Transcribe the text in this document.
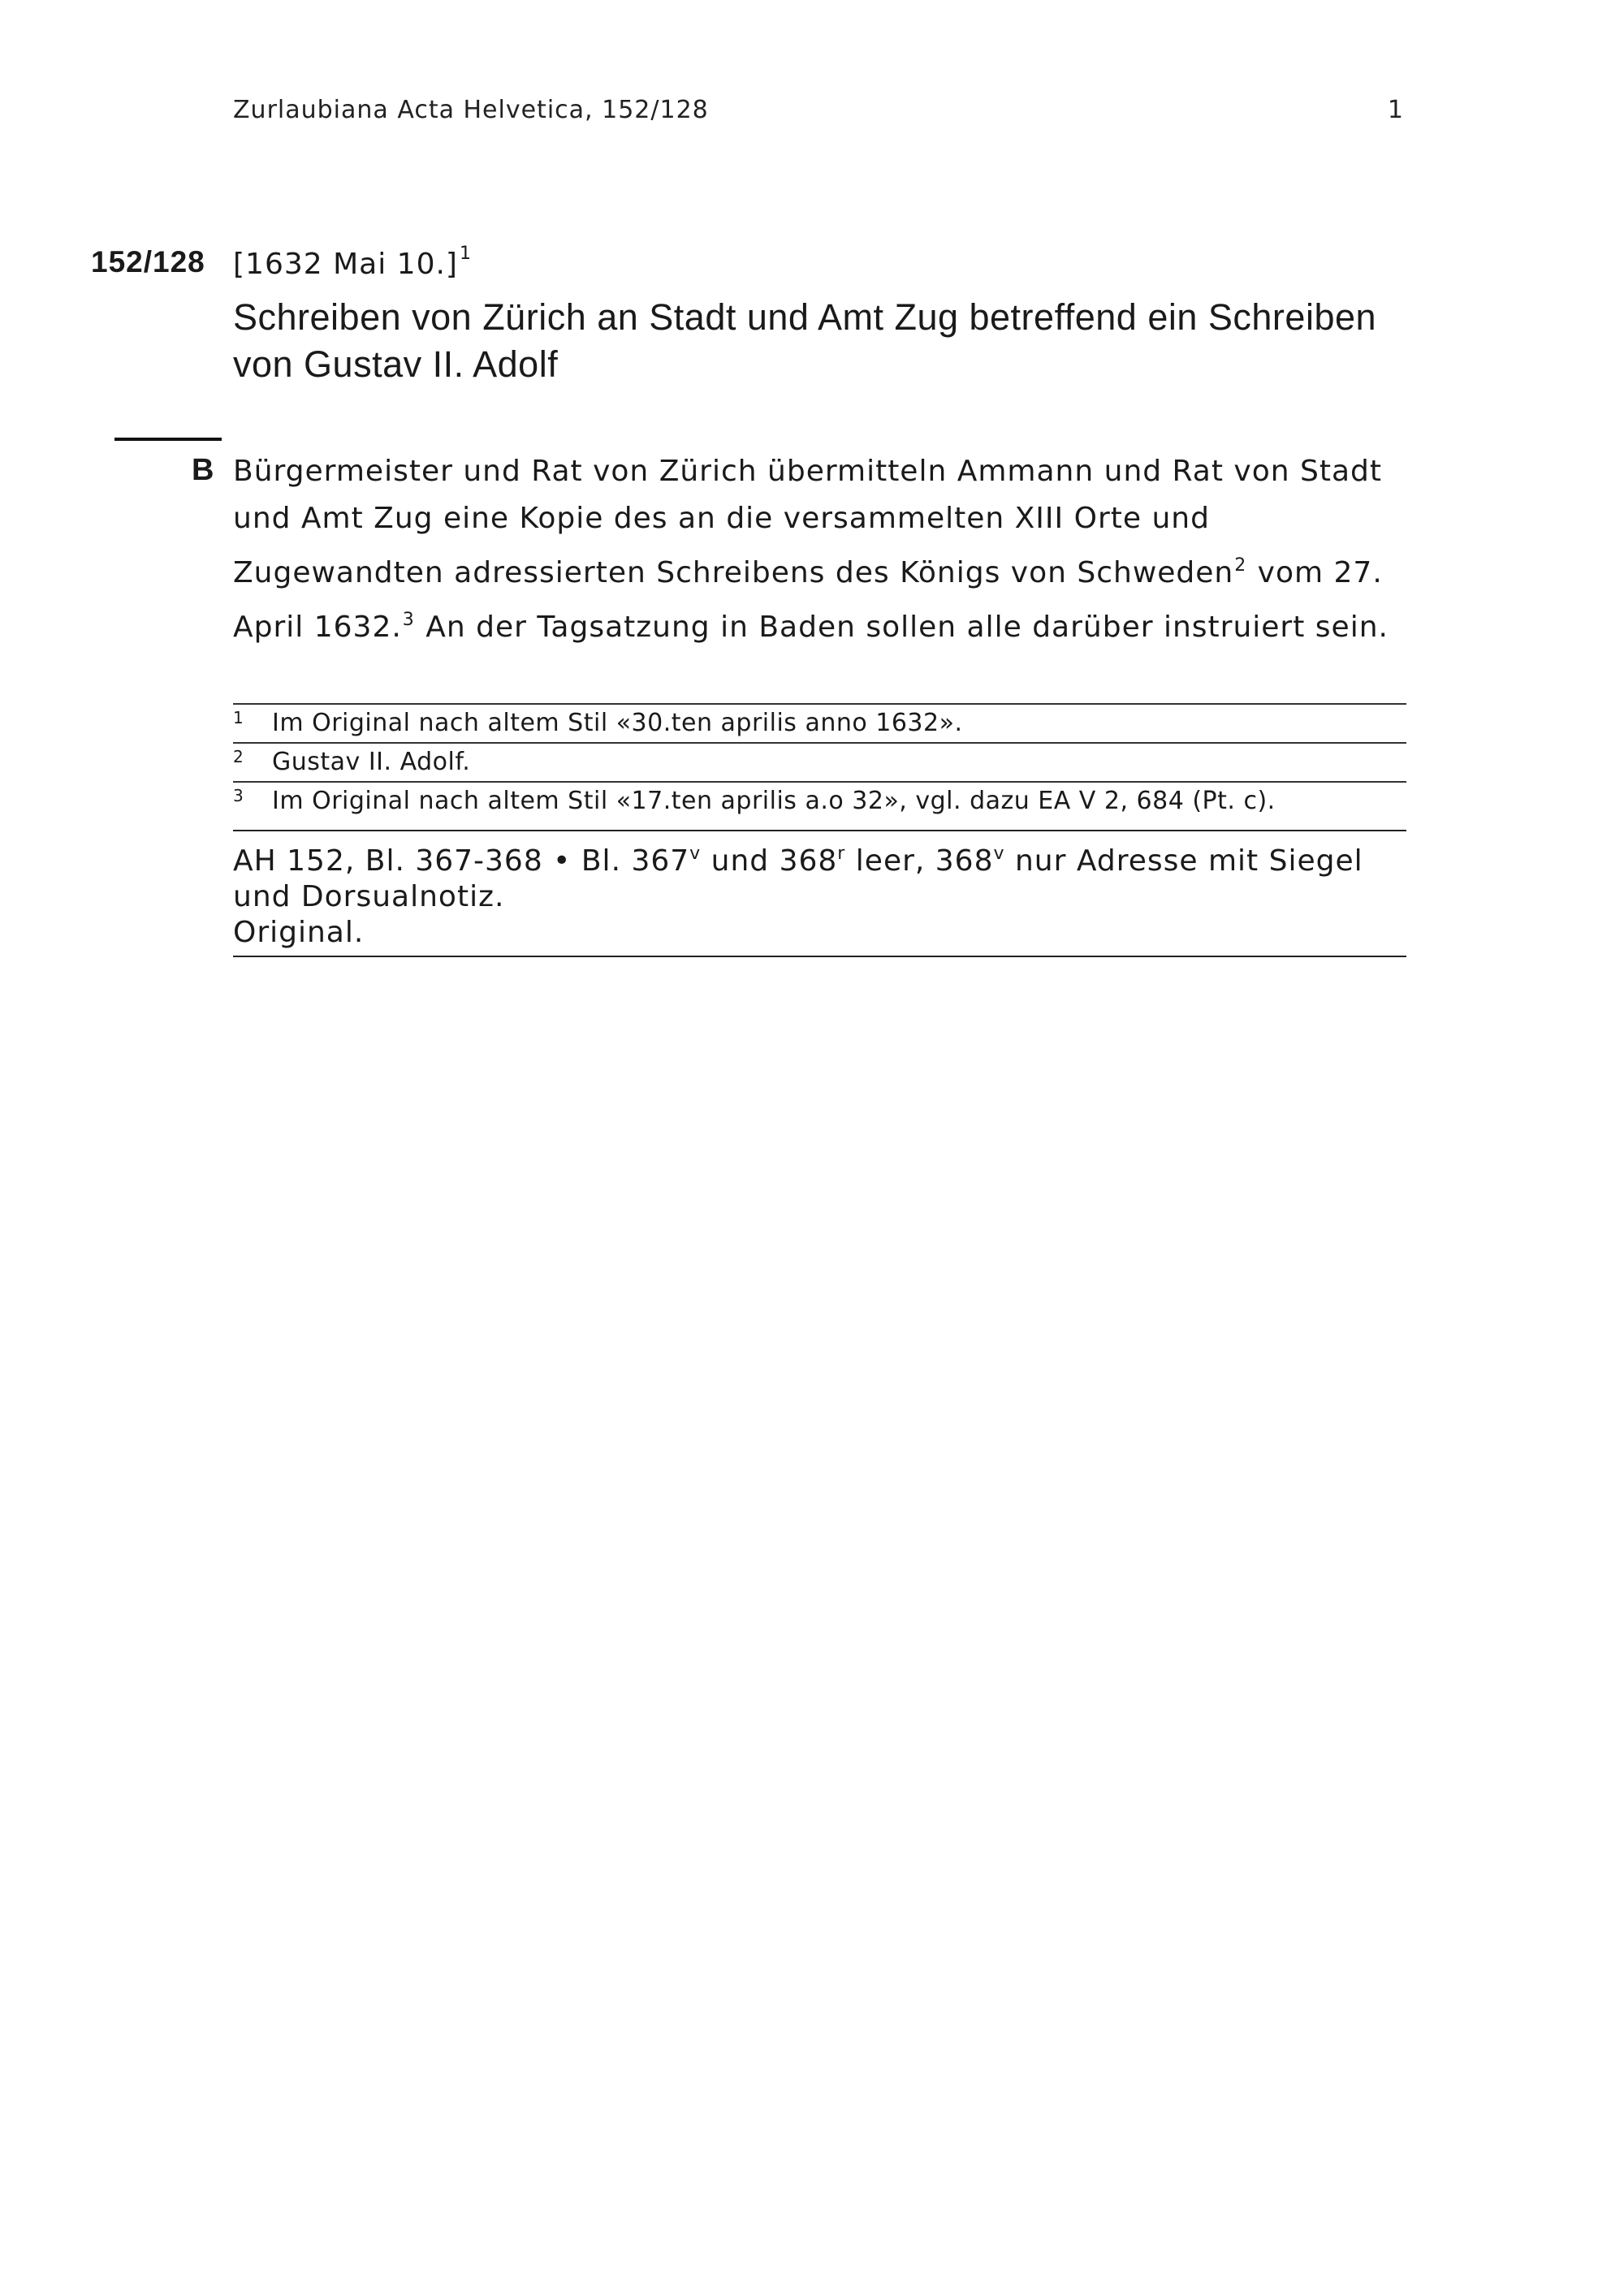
Zurlaubiana Acta Helvetica, 152/128	1
152/128 [1632 Mai 10.]$^1$
Schreiben von Zürich an Stadt und Amt Zug betreffend ein Schreiben von Gustav II. Adolf
B Bürgermeister und Rat von Zürich übermitteln Ammann und Rat von Stadt und Amt Zug eine Kopie des an die versammelten XIII Orte und Zugewandten adressierten Schreibens des Königs von Schweden$^2$ vom 27. April 1632.$^3$ An der Tagsatzung in Baden sollen alle darüber instruiert sein.

1	Im Original nach altem Stil «30.ten aprilis anno 1632».
2	Gustav II. Adolf.
3	Im Original nach altem Stil «17.ten aprilis a.o 32», vgl. dazu EA V 2, 684 (Pt. c).
AH 152, Bl. 367-368 • Bl. 367$^v$ und 368$^r$ leer, 368$^v$ nur Adresse mit Siegel und Dorsualnotiz.
Original.
